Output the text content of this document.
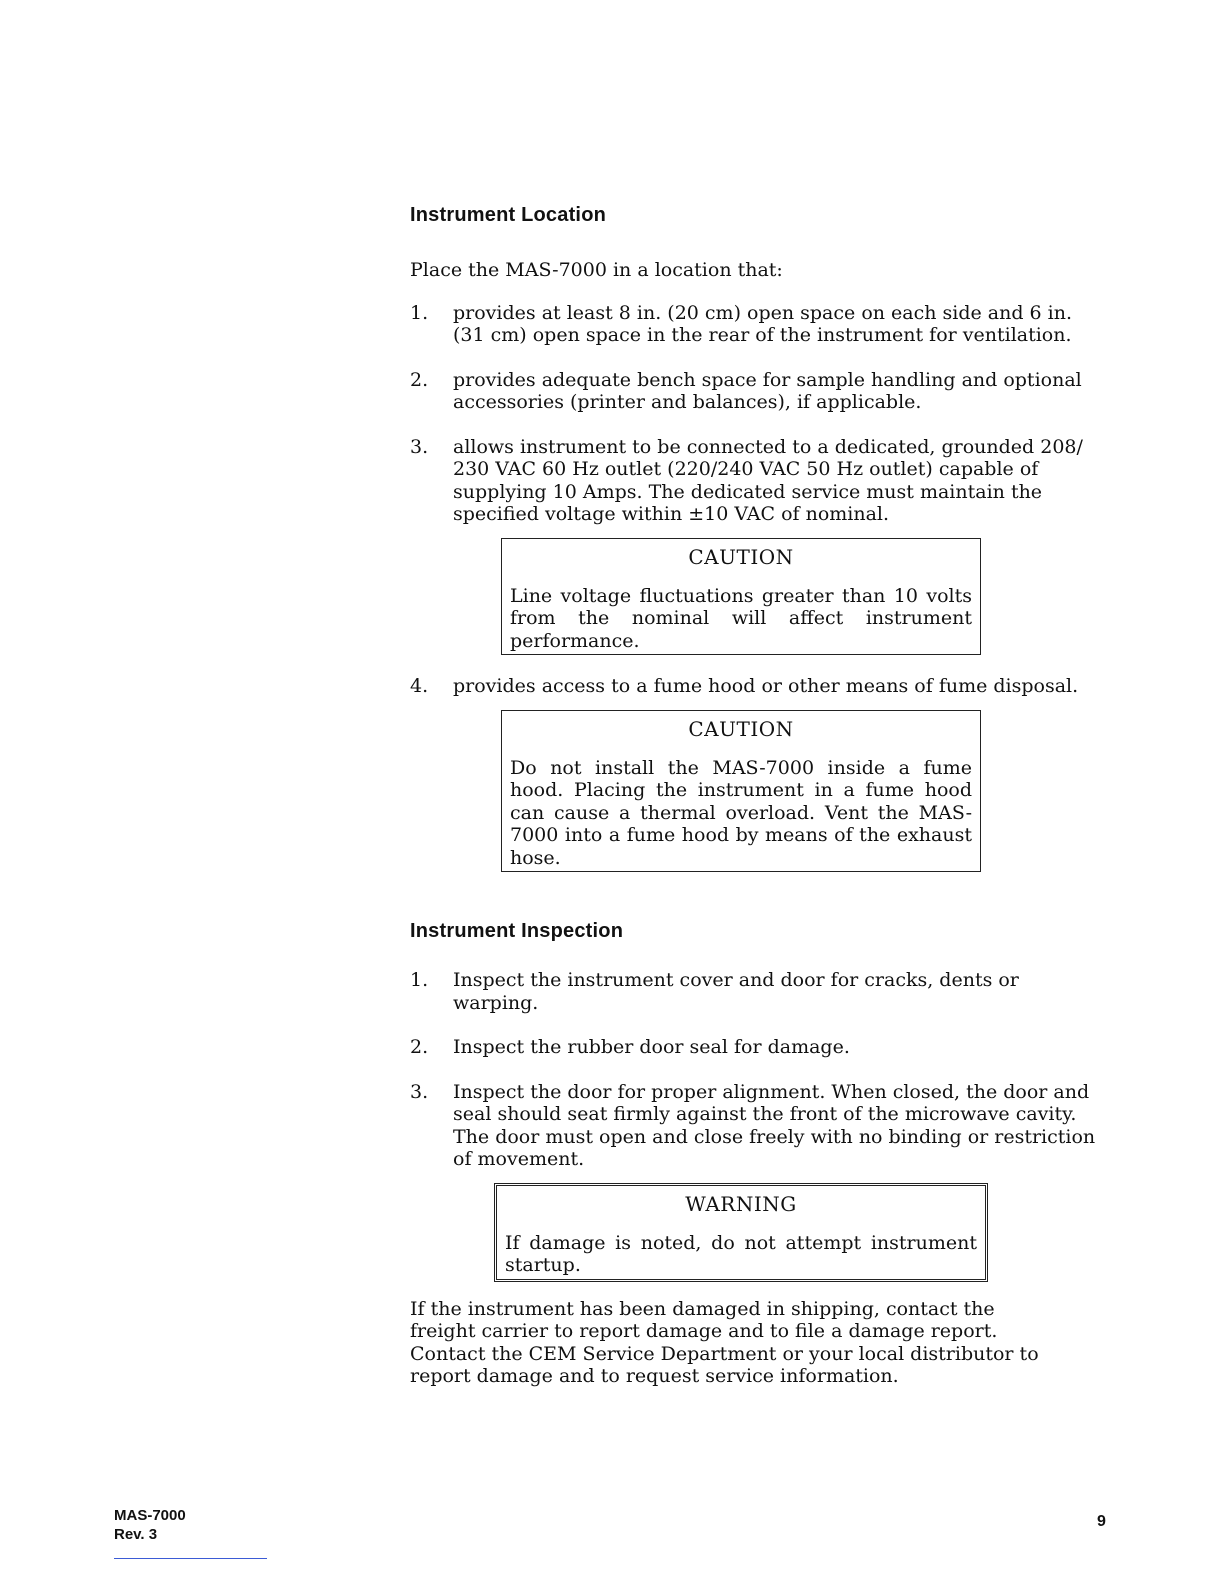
Instrument Location

Place the MAS-7000 in a location that:

1. provides at least 8 in. (20 cm) open space on each side and 6 in. (31 cm) open space in the rear of the instrument for ventilation.
2. provides adequate bench space for sample handling and optional accessories (printer and balances), if applicable.
3. allows instrument to be connected to a dedicated, grounded 208/ 230 VAC 60 Hz outlet (220/240 VAC 50 Hz outlet) capable of supplying 10 Amps. The dedicated service must maintain the specified voltage within ±10 VAC of nominal.
CAUTION

Line voltage fluctuations greater than 10 volts from the nominal will affect instrument performance.

4. provides access to a fume hood or other means of fume disposal.
CAUTION

Do not install the MAS-7000 inside a fume hood. Placing the instrument in a fume hood can cause a thermal overload. Vent the MAS-7000 into a fume hood by means of the exhaust hose.

Instrument Inspection
1. Inspect the instrument cover and door for cracks, dents or warping.
2. Inspect the rubber door seal for damage.
3. Inspect the door for proper alignment. When closed, the door and seal should seat firmly against the front of the microwave cavity. The door must open and close freely with no binding or restriction of movement.
WARNING

If damage is noted, do not attempt instrument startup.

If the instrument has been damaged in shipping, contact the freight carrier to report damage and to file a damage report. Contact the CEM Service Department or your local distributor to report damage and to request service information.

MAS-7000
Rev. 3
9
